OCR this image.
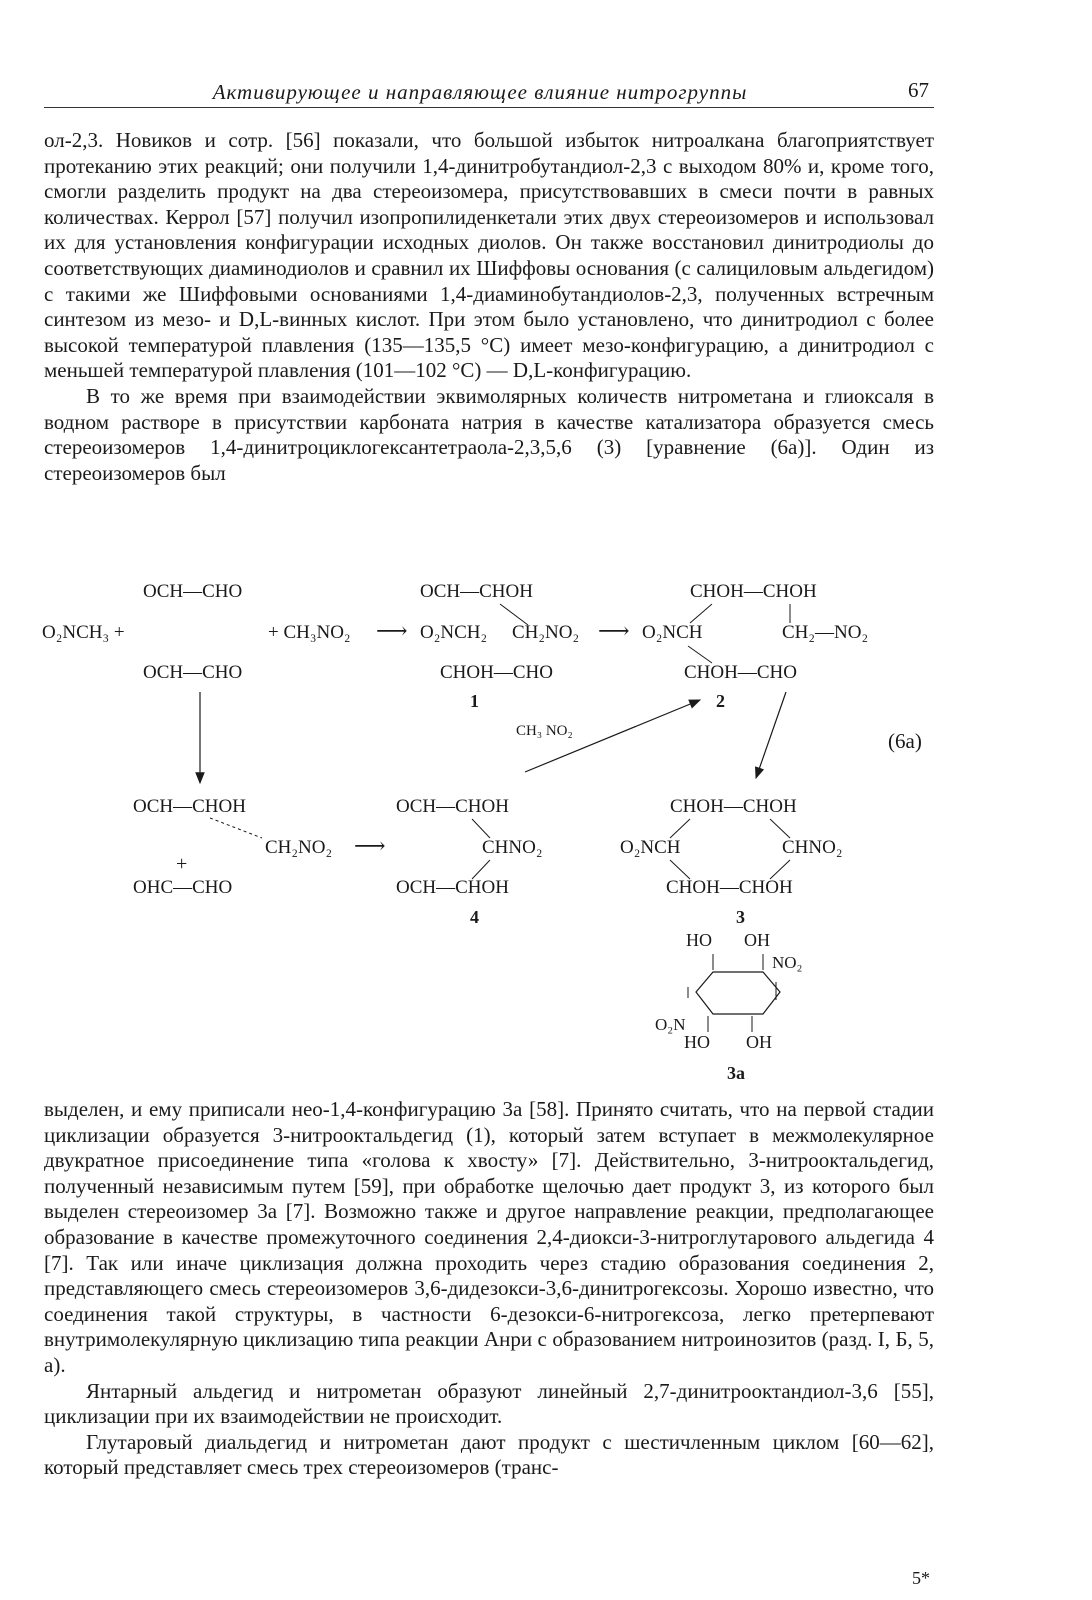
Активирующее и направляющее влияние нитрогруппы	67

ол-2,3. Новиков и сотр. [56] показали, что большой избыток нитроалкана благоприятствует протеканию этих реакций; они получили 1,4-динитробутандиол-2,3 с выходом 80% и, кроме того, смогли разделить продукт на два стереоизомера, присутствовавших в смеси почти в равных количествах. Керрол [57] получил изопропилиденкетали этих двух стереоизомеров и использовал их для установления конфигурации исходных диолов. Он также восстановил динитродиолы до соответствующих диаминодиолов и сравнил их Шиффовы основания (с салициловым альдегидом) с такими же Шиффовыми основаниями 1,4-диаминобутандиолов-2,3, полученных встречным синтезом из мезо- и D,L-винных кислот. При этом было установлено, что динитродиол с более высокой температурой плавления (135—135,5 °C) имеет мезо-конфигурацию, а динитродиол с меньшей температурой плавления (101—102 °C) — D,L-конфигурацию.

В то же время при взаимодействии эквимолярных количеств нитрометана и глиоксаля в водном растворе в присутствии карбоната натрия в качестве катализатора образуется смесь стереоизомеров 1,4-динитроциклогексантетраола-2,3,5,6 (3) [уравнение (6а)]. Один из стереоизомеров был

OCH—CHO
O₂NCH₃ +	+ CH₃NO₂
OCH—CHO
⟶
OCH—CHOH
O₂NCH₂ CH₂NO₂
CHOH—CHO
1
⟶
CHOH—CHOH
O₂NCH	CH₂—NO₂
CHOH—CHO
2
CH₃ NO₂	(6а)
OCH—CHOH
CH₂NO₂
+
OHC—CHO
⟶
OCH—CHOH
CHNO₂
OCH—CHOH
4
CHOH—CHOH
O₂NCH	CHNO₂
CHOH—CHOH
3
HO OH
NO₂
O₂N
HO OH
3а

выделен, и ему приписали нео-1,4-конфигурацию 3а [58]. Принято считать, что на первой стадии циклизации образуется 3-нитрооктальдегид (1), который затем вступает в межмолекулярное двукратное присоединение типа «голова к хвосту» [7]. Действительно, 3-нитрооктальдегид, полученный независимым путем [59], при обработке щелочью дает продукт 3, из которого был выделен стереоизомер 3а [7]. Возможно также и другое направление реакции, предполагающее образование в качестве промежуточного соединения 2,4-диокси-3-нитроглутарового альдегида 4 [7]. Так или иначе циклизация должна проходить через стадию образования соединения 2, представляющего смесь стереоизомеров 3,6-дидезокси-3,6-динитрогексозы. Хорошо известно, что соединения такой структуры, в частности 6-дезокси-6-нитрогексоза, легко претерпевают внутримолекулярную циклизацию типа реакции Анри с образованием нитроинозитов (разд. I, Б, 5, а).

Янтарный альдегид и нитрометан образуют линейный 2,7-динитрооктандиол-3,6 [55], циклизации при их взаимодействии не происходит.

Глутаровый диальдегид и нитрометан дают продукт с шестичленным циклом [60—62], который представляет смесь трех стереоизомеров (транс-

5*
